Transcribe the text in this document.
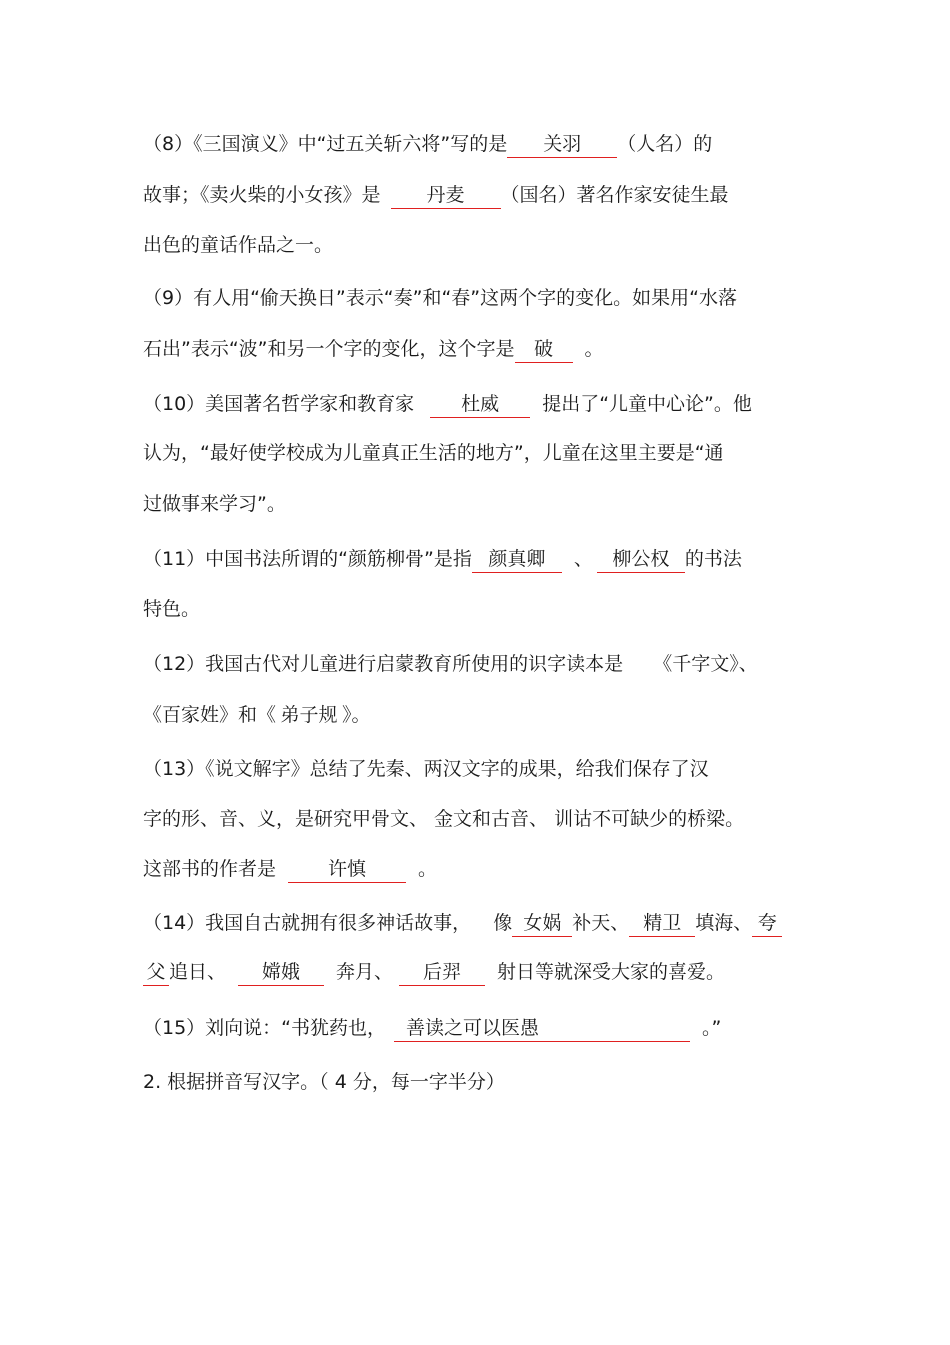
（8）《三国演义》中“过五关斩六将”写的是 关羽 （人名）的
故事；《卖火柴的小女孩》是 丹麦 （国名）著名作家安徒生最
出色的童话作品之一。
（9）有人用“偷天换日”表示“奏”和“春”这两个字的变化。如果用“水落
石出”表示“波”和另一个字的变化，这个字是 破 。
（10）美国著名哲学家和教育家 杜威 提出了“儿童中心论”。他
认为，“最好使学校成为儿童真正生活的地方”，儿童在这里主要是“通
过做事来学习”。
（11）中国书法所谓的“颜筋柳骨”是指 颜真卿 、 柳公权 的书法
特色。
（12）我国古代对儿童进行启蒙教育所使用的识字读本是 《千字文》、
《百家姓》和《 弟子规 》。
（13）《说文解字》总结了先秦、两汉文字的成果，给我们保存了汉
字的形、音、义，是研究甲骨文、 金文和古音、 训诂不可缺少的桥梁。
这部书的作者是	许慎	。
（14）我国自古就拥有很多神话故事， 像 女娲 补天、 精卫 填海、 夸
父 追日、 嫦娥 奔月、 后羿 射日等就深受大家的喜爱。
（15）刘向说：“书犹药也， 善读之可以医愚	。”
2. 根据拼音写汉字。（ 4 分，每一字半分）
